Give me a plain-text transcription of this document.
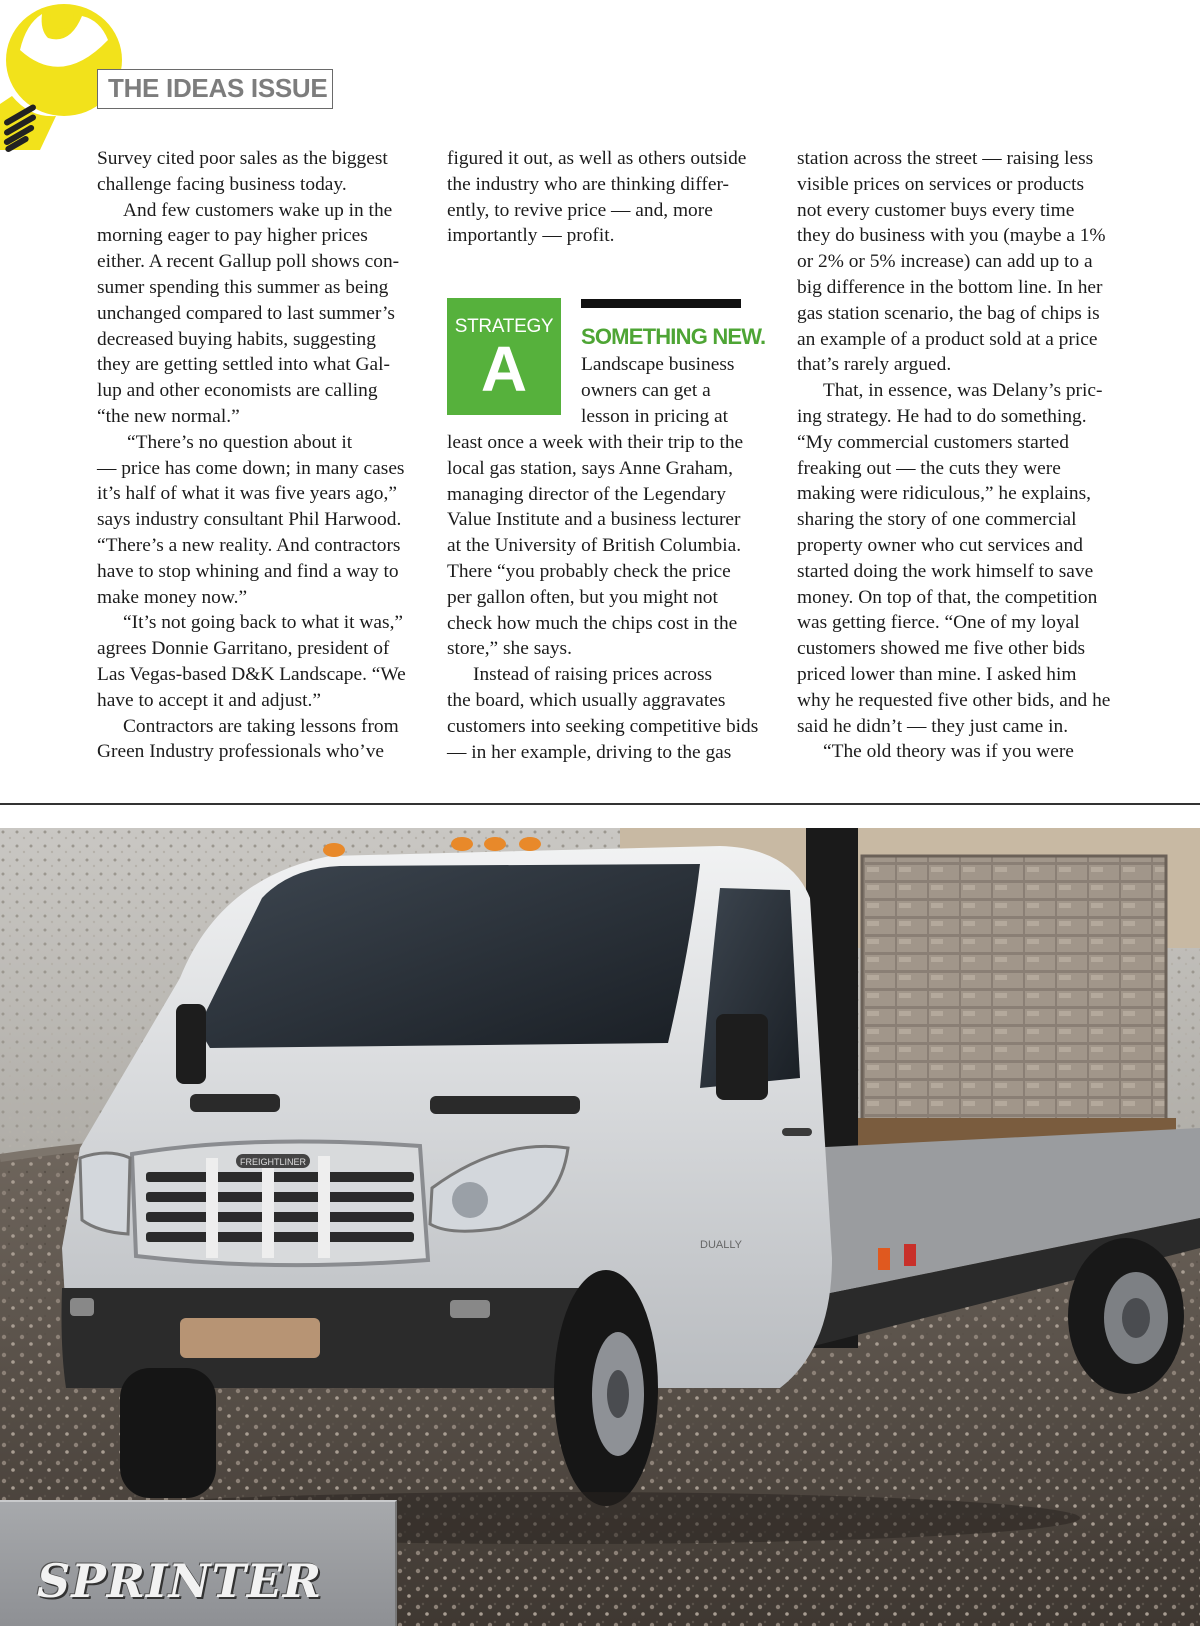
THE IDEAS ISSUE
Survey cited poor sales as the biggest
challenge facing business today.
And few customers wake up in the
morning eager to pay higher prices
either. A recent Gallup poll shows con-
sumer spending this summer as being
unchanged compared to last summer’s
decreased buying habits, suggesting
they are getting settled into what Gal-
lup and other economists are calling
“the new normal.”
“There’s no question about it
— price has come down; in many cases
it’s half of what it was five years ago,”
says industry consultant Phil Harwood.
“There’s a new reality. And contractors
have to stop whining and find a way to
make money now.”
“It’s not going back to what it was,”
agrees Donnie Garritano, president of
Las Vegas-based D&K Landscape. “We
have to accept it and adjust.”
Contractors are taking lessons from
Green Industry professionals who’ve
figured it out, as well as others outside
the industry who are thinking differ-
ently, to revive price — and, more
importantly — profit.
STRATEGY
A	SOMETHING NEW.
Landscape business
owners can get a
lesson in pricing at
least once a week with their trip to the
local gas station, says Anne Graham,
managing director of the Legendary
Value Institute and a business lecturer
at the University of British Columbia.
There “you probably check the price
per gallon often, but you might not
check how much the chips cost in the
store,” she says.
Instead of raising prices across
the board, which usually aggravates
customers into seeking competitive bids
— in her example, driving to the gas
station across the street — raising less
visible prices on services or products
not every customer buys every time
they do business with you (maybe a 1%
or 2% or 5% increase) can add up to a
big difference in the bottom line. In her
gas station scenario, the bag of chips is
an example of a product sold at a price
that’s rarely argued.
That, in essence, was Delany’s pric-
ing strategy. He had to do something.
“My commercial customers started
freaking out — the cuts they were
making were ridiculous,” he explains,
sharing the story of one commercial
property owner who cut services and
started doing the work himself to save
money. On top of that, the competition
was getting fierce. “One of my loyal
customers showed me five other bids
priced lower than mine. I asked him
why he requested five other bids, and he
said he didn’t — they just came in.
“The old theory was if you were
FREIGHTLINER
DUALLY
SPRINTER
